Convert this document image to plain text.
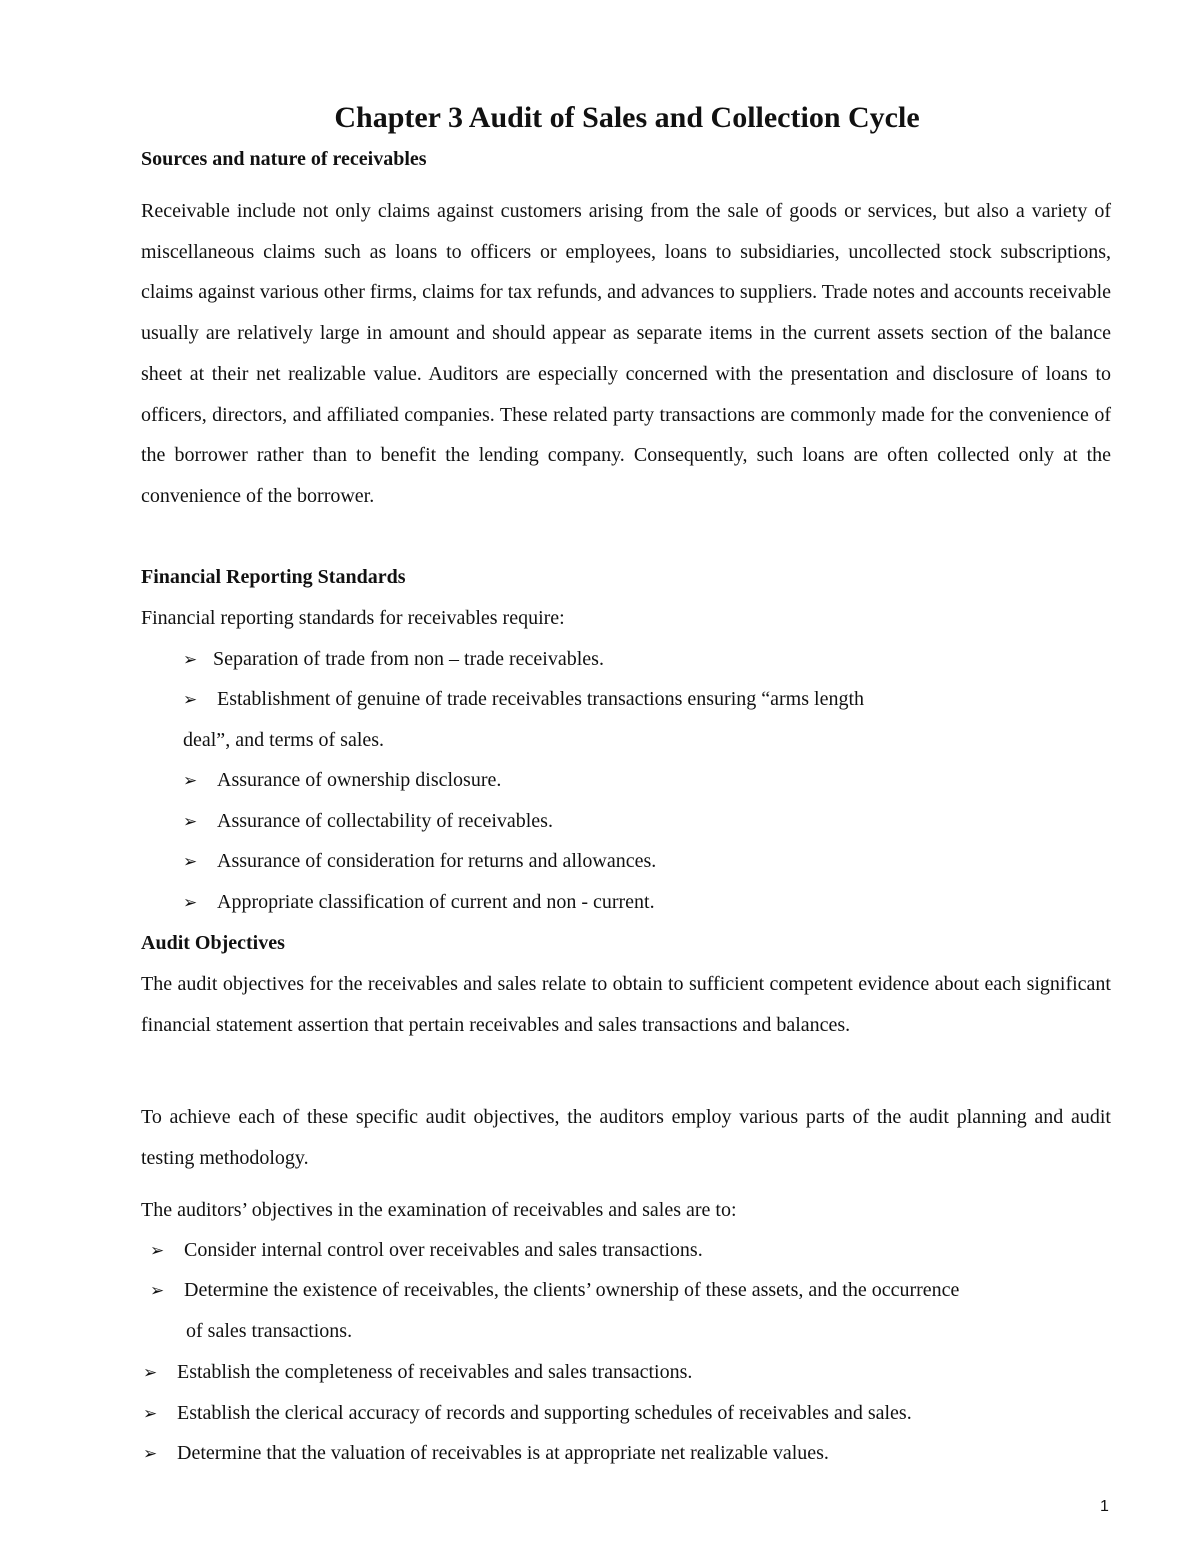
Chapter 3 Audit of Sales and Collection Cycle
Sources and nature of receivables

Receivable include not only claims against customers arising from the sale of goods or services, but also a variety of miscellaneous claims such as loans to officers or employees, loans to subsidiaries, uncollected stock subscriptions, claims against various other firms, claims for tax refunds, and advances to suppliers. Trade notes and accounts receivable usually are relatively large in amount and should appear as separate items in the current assets section of the balance sheet at their net realizable value. Auditors are especially concerned with the presentation and disclosure of loans to officers, directors, and affiliated companies. These related party transactions are commonly made for the convenience of the borrower rather than to benefit the lending company. Consequently, such loans are often collected only at the convenience of the borrower.

Financial Reporting Standards
Financial reporting standards for receivables require:
➢ Separation of trade from non – trade receivables.
➢ Establishment of genuine of trade receivables transactions ensuring “arms length
deal”, and terms of sales.
➢ Assurance of ownership disclosure.
➢ Assurance of collectability of receivables.
➢ Assurance of consideration for returns and allowances.
➢ Appropriate classification of current and non - current.
Audit Objectives

The audit objectives for the receivables and sales relate to obtain to sufficient competent evidence about each significant financial statement assertion that pertain receivables and sales transactions and balances.

To achieve each of these specific audit objectives, the auditors employ various parts of the audit planning and audit testing methodology.

The auditors’ objectives in the examination of receivables and sales are to:
➢ Consider internal control over receivables and sales transactions.
➢ Determine the existence of receivables, the clients’ ownership of these assets, and the occurrence
of sales transactions.
➢ Establish the completeness of receivables and sales transactions.
➢ Establish the clerical accuracy of records and supporting schedules of receivables and sales.
➢ Determine that the valuation of receivables is at appropriate net realizable values.
1
